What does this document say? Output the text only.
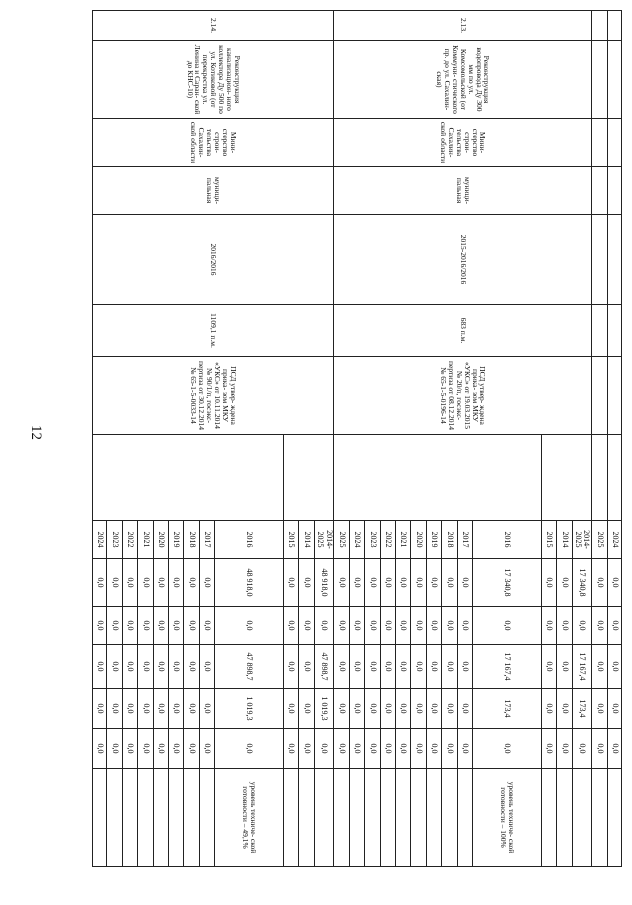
12
								2024	0,0	0,0	0,0	0,0	0,0	
								2025	0,0	0,0	0,0	0,0	0,0	
2.13.	Реконструкция водопровода Ду 300 мм по ул. Комсомольской (от Коммуни- стического пр. до ул. Сахалин- ская)	Мини- стерство строи- тельства Сахалин- ской области	муници- пальная	2015-2016/2016	683 п.м.	ПСД утвер- ждена прика- зом МКУ «УКС» от 19.03.2015 № 20/п, госэкс- пертиза от 08.12.2014 № 65-1-5-0196-14		2014-2025	17 340,8	0,0	17 167,4	173,4	0,0	
								2014	0,0	0,0	0,0	0,0	0,0	
								2015	0,0	0,0	0,0	0,0	0,0	
								2016	17 340,8	0,0	17 167,4	173,4	0,0	уровень техниче- ской готовности – 100%
								2017	0,0	0,0	0,0	0,0	0,0	
								2018	0,0	0,0	0,0	0,0	0,0	
								2019	0,0	0,0	0,0	0,0	0,0	
								2020	0,0	0,0	0,0	0,0	0,0	
								2021	0,0	0,0	0,0	0,0	0,0	
								2022	0,0	0,0	0,0	0,0	0,0	
								2023	0,0	0,0	0,0	0,0	0,0	
								2024	0,0	0,0	0,0	0,0	0,0	
								2025	0,0	0,0	0,0	0,0	0,0	
2.14.	Реконструкция канализацион- ного коллектора Ду 500 по ул. Котиковой (от перекрестка ул. Ленина и Саран- ской до КНС-10)	Мини- стерство строи- тельства Сахалин- ской области	муници- пальная	2016/2016	1109,1 п.м.	ПСД утвер- ждена прика- зом МКУ «УКС» от 10.11.2014 № 90/1/п, госэкс- пертиза от 30.12.2014 № 65-1-5-0033-14		2014-2025	48 918,0	0,0	47 898,7	1 019,3	0,0	
								2014	0,0	0,0	0,0	0,0	0,0	
								2015	0,0	0,0	0,0	0,0	0,0	
								2016	48 918,0	0,0	47 898,7	1 019,3	0,0	уровень техниче- ской готовности – 49,1%
								2017	0,0	0,0	0,0	0,0	0,0	
								2018	0,0	0,0	0,0	0,0	0,0	
								2019	0,0	0,0	0,0	0,0	0,0	
								2020	0,0	0,0	0,0	0,0	0,0	
								2021	0,0	0,0	0,0	0,0	0,0	
								2022	0,0	0,0	0,0	0,0	0,0	
								2023	0,0	0,0	0,0	0,0	0,0	
								2024	0,0	0,0	0,0	0,0	0,0	
